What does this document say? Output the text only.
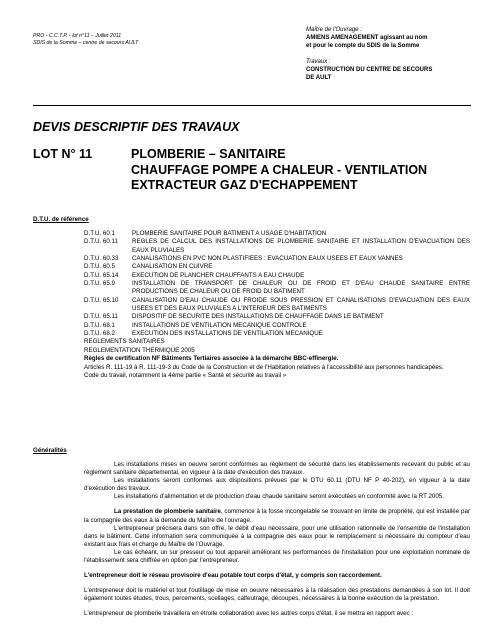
PRO - C.C.T.P. - lot n°11 – Juillet 2011
SDIS de la Somme – centre de secours AULT
Maître de l'Ouvrage :
AMIENS AMENAGEMENT agissant au nom
et pour le compte du SDIS de la Somme
Travaux :
CONSTRUCTION DU CENTRE DE SECOURS
DE AULT
DEVIS DESCRIPTIF DES TRAVAUX
LOT N° 11	PLOMBERIE – SANITAIRE
CHAUFFAGE POMPE A CHALEUR - VENTILATION
EXTRACTEUR GAZ D'ECHAPPEMENT
D.T.U. de référence
D.T.U. 60.1	PLOMBERIE SANITAIRE POUR BATIMENT A USAGE D'HABITATION
D.T.U. 60.11	REGLES DE CALCUL DES INSTALLATIONS DE PLOMBERIE SANITAIRE ET INSTALLATION D'EVACUATION DES EAUX PLUVIALES
D.T.U. 60.33	CANALISATIONS EN PVC NON PLASTIFIEES : EVACUATION EAUX USEES ET EAUX VANNES
D.T.U. 60.5	CANALISATION EN CUIVRE
D.T.U. 65.14	EXECUTION DE PLANCHER CHAUFFANTS A EAU CHAUDE
D.T.U. 65.9	INSTALLATION DE TRANSPORT DE CHALEUR OU DE FROID ET D'EAU CHAUDE SANITAIRE ENTRE PRODUCTIONS DE CHALEUR OU DE FROID DU BATIMENT
D.T.U. 65.10	CANALISATION D'EAU CHAUDE OU FROIDE SOUS PRESSION ET CANALISATIONS D'EVACUATION DES EAUX USEES ET DES EAUX PLUVIALES A L'INTERIEUR DES BATIMENTS
D.T.U. 65.11	DISPOSITIF DE SECURITE DES INSTALLATIONS DE CHAUFFAGE DANS LE BATIMENT
D.T.U. 68.1	INSTALLATIONS DE VENTILATION MECANIQUE CONTROLE
D.T.U. 68.2	EXECUTION DES INSTALLATIONS DE VENTILATION MECANIQUE
REGLEMENTS SANITAIRES
REGLEMENTATION THERMIQUE 2005
Règles de certification NF Bâtiments Tertiaires associée à la démarche BBC-effinergie.
Articles R. 111-19 à R. 111-19-3 du Code de la Construction et de l'Habitation relatives à l'accessibilité aux personnes handicapées.
Code du travail, notamment la 4ème partie « Santé et sécurité au travail »
Généralités

Les installations mises en oeuvre seront conformes au règlement de sécurité dans les établissements recevant du public et au règlement sanitaire départemental, en vigueur à la date d'exécution des travaux.

Les installations seront conformes aux dispositions prévues par le DTU 60.11 (DTU NF P 40-202), en vigueur à la date d'exécution des travaux.

Les installations d'alimentation et de production d'eau chaude sanitaire seront exécutées en conformité avec la RT 2005.

La prestation de plomberie sanitaire, commence à la fosse incongelable se trouvant en limite de propriété, qui est installée par la compagnie des eaux à la demande du Maître de l'ouvrage.

L'entrepreneur précisera dans son offre, le débit d'eau nécessaire, pour une utilisation rationnelle de l'ensemble de l'installation dans le bâtiment. Cette information sera communiquée à la compagnie des eaux pour le remplacement si nécessaire du compteur d'eau existant aux frais et charge du Maître de l'Ouvrage.

Le cas échéant, un sur presseur ou tout appareil améliorant les performances de l'installation pour une exploitation nominale de l'établissement sera chiffrée en option par l'entrepreneur.

L'entrepreneur doit le réseau provisoire d'eau potable tout corps d'état, y compris son raccordement.

L'entrepreneur doit le matériel et tout l'outillage de mise en oeuvre nécessaires à la réalisation des prestations demandées à son lot. Il doit également toutes études, trous, percements, scellages, calfeutrage, découpes, nécessaires à la bonne exécution de la prestation.

L'entrepreneur de plomberie travaillera en étroite collaboration avec les autres corps d'état, il se mettra en rapport avec :
